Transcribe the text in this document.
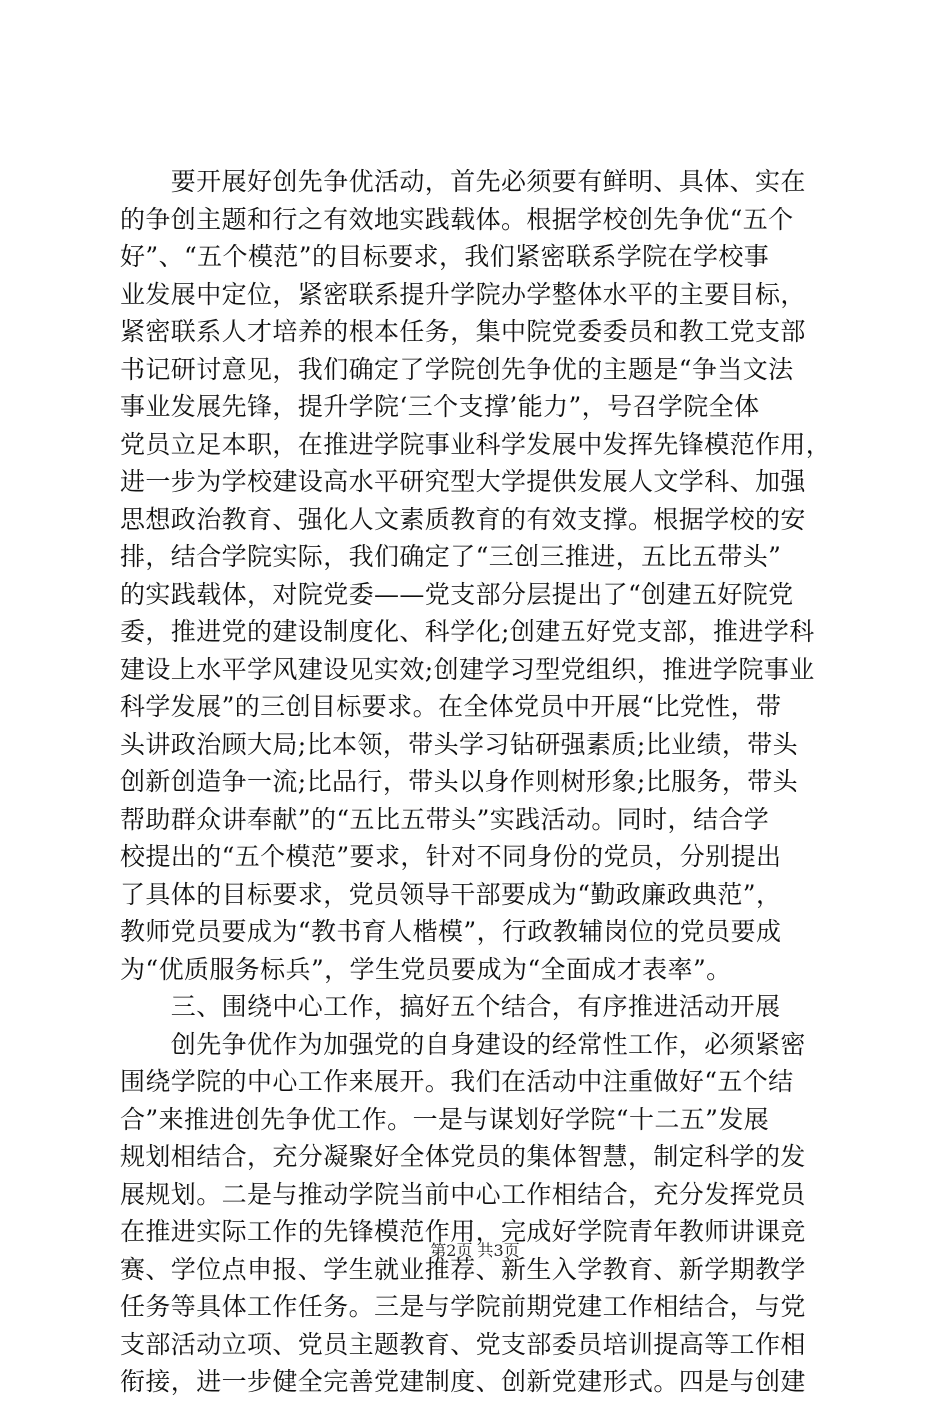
　　要开展好创先争优活动，首先必须要有鲜明、具体、实在
的争创主题和行之有效地实践载体。根据学校创先争优“五个
好”、“五个模范”的目标要求，我们紧密联系学院在学校事
业发展中定位，紧密联系提升学院办学整体水平的主要目标，
紧密联系人才培养的根本任务，集中院党委委员和教工党支部
书记研讨意见，我们确定了学院创先争优的主题是“争当文法
事业发展先锋，提升学院‘三个支撑’能力”，号召学院全体
党员立足本职，在推进学院事业科学发展中发挥先锋模范作用，
进一步为学校建设高水平研究型大学提供发展人文学科、加强
思想政治教育、强化人文素质教育的有效支撑。根据学校的安
排，结合学院实际，我们确定了“三创三推进，五比五带头”
的实践载体，对院党委——党支部分层提出了“创建五好院党
委，推进党的建设制度化、科学化;创建五好党支部，推进学科
建设上水平学风建设见实效;创建学习型党组织，推进学院事业
科学发展”的三创目标要求。在全体党员中开展“比党性，带
头讲政治顾大局;比本领，带头学习钻研强素质;比业绩，带头
创新创造争一流;比品行，带头以身作则树形象;比服务，带头
帮助群众讲奉献”的“五比五带头”实践活动。同时，结合学
校提出的“五个模范”要求，针对不同身份的党员，分别提出
了具体的目标要求，党员领导干部要成为“勤政廉政典范”，
教师党员要成为“教书育人楷模”，行政教辅岗位的党员要成
为“优质服务标兵”，学生党员要成为“全面成才表率”。
　　三、围绕中心工作，搞好五个结合，有序推进活动开展
　　创先争优作为加强党的自身建设的经常性工作，必须紧密
围绕学院的中心工作来展开。我们在活动中注重做好“五个结
合”来推进创先争优工作。一是与谋划好学院“十二五”发展
规划相结合，充分凝聚好全体党员的集体智慧，制定科学的发
展规划。二是与推动学院当前中心工作相结合，充分发挥党员
在推进实际工作的先锋模范作用，完成好学院青年教师讲课竞
赛、学位点申报、学生就业推荐、新生入学教育、新学期教学
任务等具体工作任务。三是与学院前期党建工作相结合，与党
支部活动立项、党员主题教育、党支部委员培训提高等工作相
衔接，进一步健全完善党建制度、创新党建形式。四是与创建
第2页 共3页
